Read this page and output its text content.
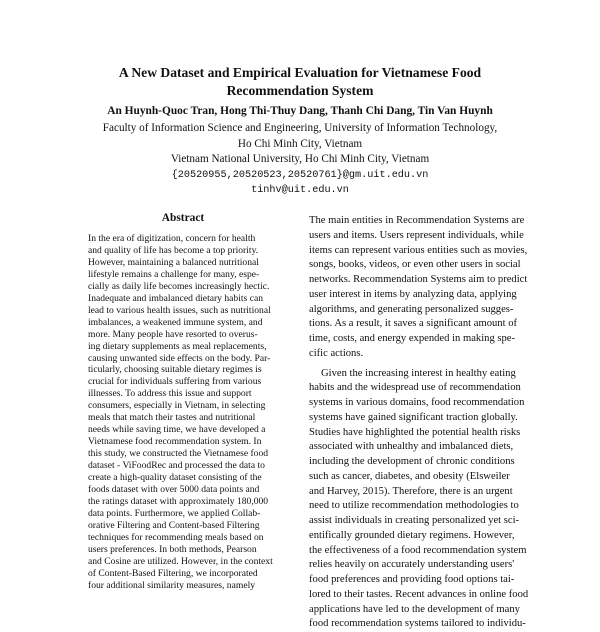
A New Dataset and Empirical Evaluation for Vietnamese Food
Recommendation System
An Huynh-Quoc Tran, Hong Thi-Thuy Dang, Thanh Chi Dang, Tin Van Huynh
Faculty of Information Science and Engineering, University of Information Technology,
Ho Chi Minh City, Vietnam
Vietnam National University, Ho Chi Minh City, Vietnam
{20520955,20520523,20520761}@gm.uit.edu.vn
tinhv@uit.edu.vn
Abstract

In the era of digitization, concern for health
and quality of life has become a top priority.
However, maintaining a balanced nutritional
lifestyle remains a challenge for many, espe-
cially as daily life becomes increasingly hectic.
Inadequate and imbalanced dietary habits can
lead to various health issues, such as nutritional
imbalances, a weakened immune system, and
more. Many people have resorted to overus-
ing dietary supplements as meal replacements,
causing unwanted side effects on the body. Par-
ticularly, choosing suitable dietary regimes is
crucial for individuals suffering from various
illnesses. To address this issue and support
consumers, especially in Vietnam, in selecting
meals that match their tastes and nutritional
needs while saving time, we have developed a
Vietnamese food recommendation system. In
this study, we constructed the Vietnamese food
dataset - ViFoodRec and processed the data to
create a high-quality dataset consisting of the
foods dataset with over 5000 data points and
the ratings dataset with approximately 180,000
data points. Furthermore, we applied Collab-
orative Filtering and Content-based Filtering
techniques for recommending meals based on
users preferences. In both methods, Pearson
and Cosine are utilized. However, in the context
of Content-Based Filtering, we incorporated
four additional similarity measures, namely

The main entities in Recommendation Systems are
users and items. Users represent individuals, while
items can represent various entities such as movies,
songs, books, videos, or even other users in social
networks. Recommendation Systems aim to predict
user interest in items by analyzing data, applying
algorithms, and generating personalized sugges-
tions. As a result, it saves a significant amount of
time, costs, and energy expended in making spe-
cific actions.
Given the increasing interest in healthy eating
habits and the widespread use of recommendation
systems in various domains, food recommendation
systems have gained significant traction globally.
Studies have highlighted the potential health risks
associated with unhealthy and imbalanced diets,
including the development of chronic conditions
such as cancer, diabetes, and obesity (Elsweiler
and Harvey, 2015). Therefore, there is an urgent
need to utilize recommendation methodologies to
assist individuals in creating personalized yet sci-
entifically grounded dietary regimens. However,
the effectiveness of a food recommendation system
relies heavily on accurately understanding users'
food preferences and providing food options tai-
lored to their tastes. Recent advances in online food
applications have led to the development of many
food recommendation systems tailored to individu-
